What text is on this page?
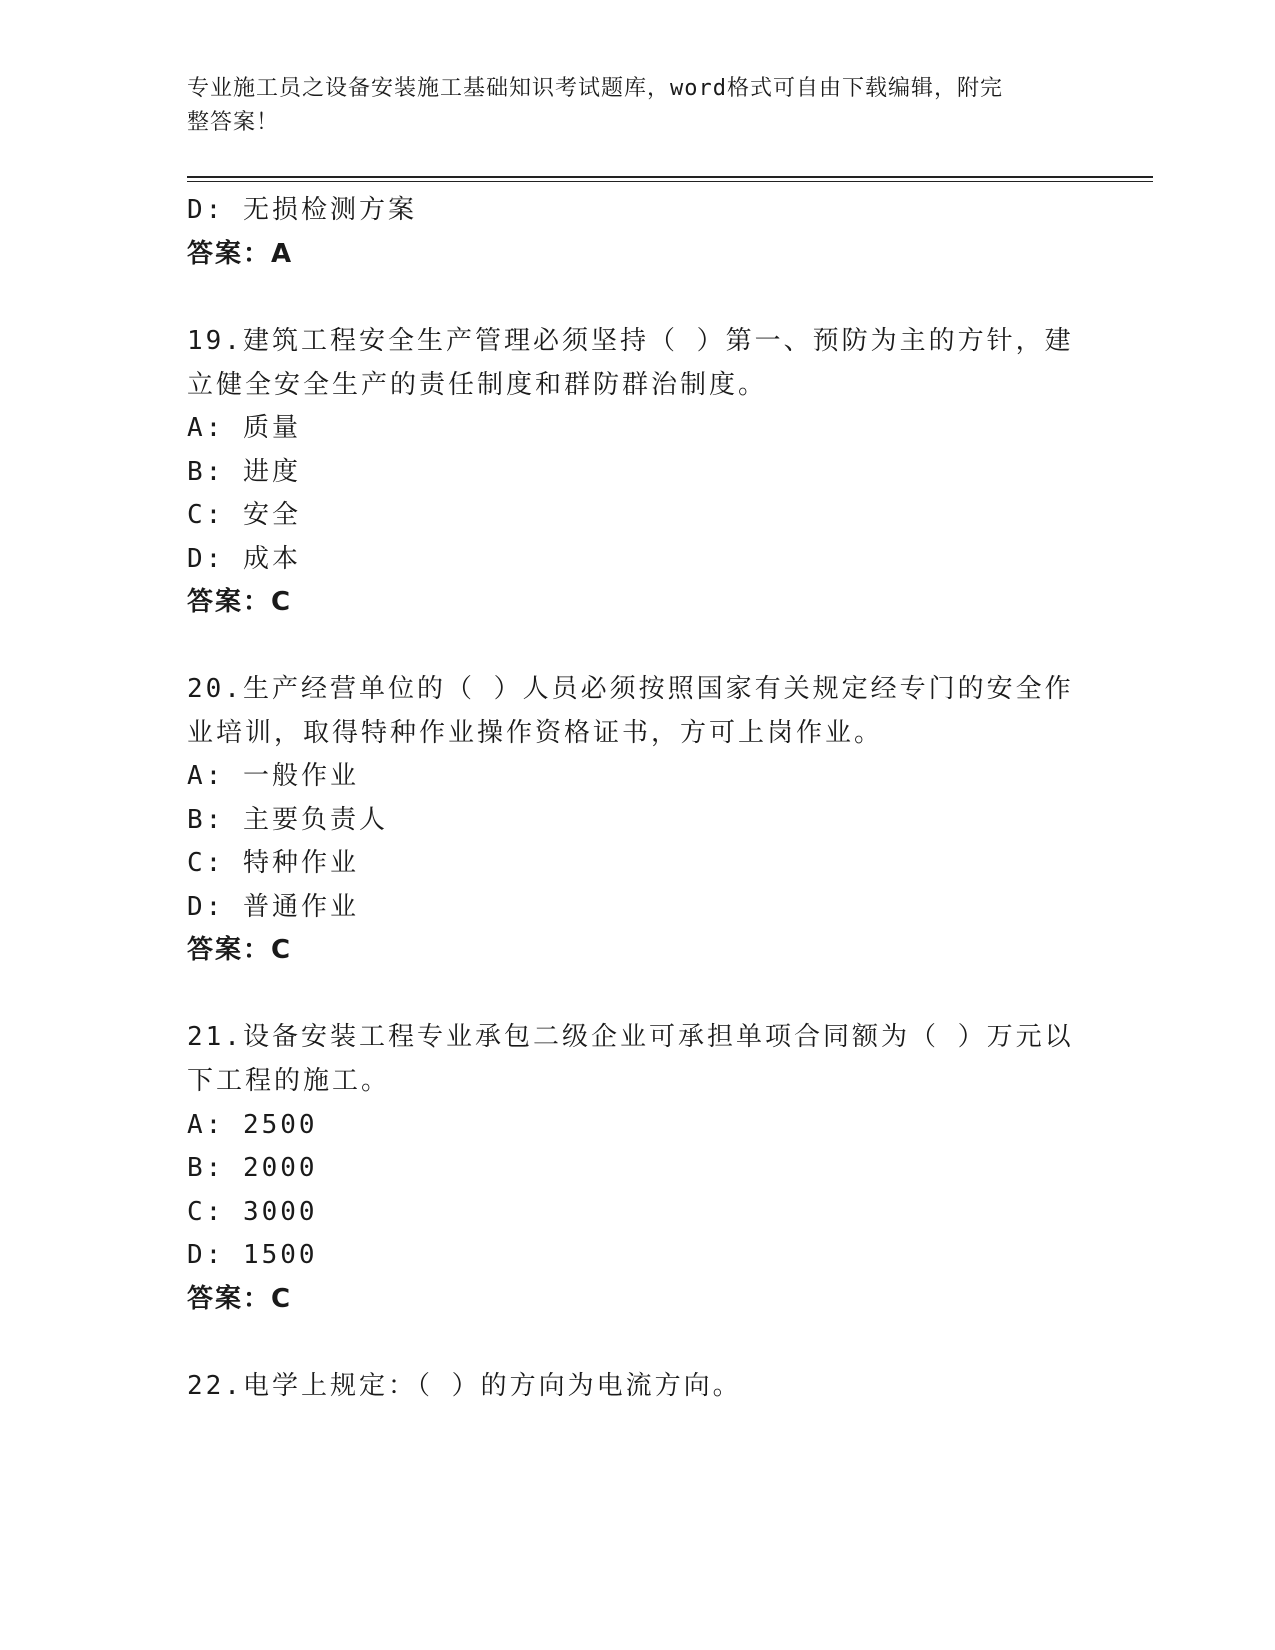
专业施工员之设备安装施工基础知识考试题库，word格式可自由下载编辑，附完
整答案！
D: 无损检测方案
答案：A
19.建筑工程安全生产管理必须坚持（ ）第一、预防为主的方针，建
立健全安全生产的责任制度和群防群治制度。
A: 质量
B: 进度
C: 安全
D: 成本
答案：C
20.生产经营单位的（ ）人员必须按照国家有关规定经专门的安全作
业培训，取得特种作业操作资格证书，方可上岗作业。
A: 一般作业
B: 主要负责人
C: 特种作业
D: 普通作业
答案：C
21.设备安装工程专业承包二级企业可承担单项合同额为（ ）万元以
下工程的施工。
A: 2500
B: 2000
C: 3000
D: 1500
答案：C
22.电学上规定：（ ）的方向为电流方向。
